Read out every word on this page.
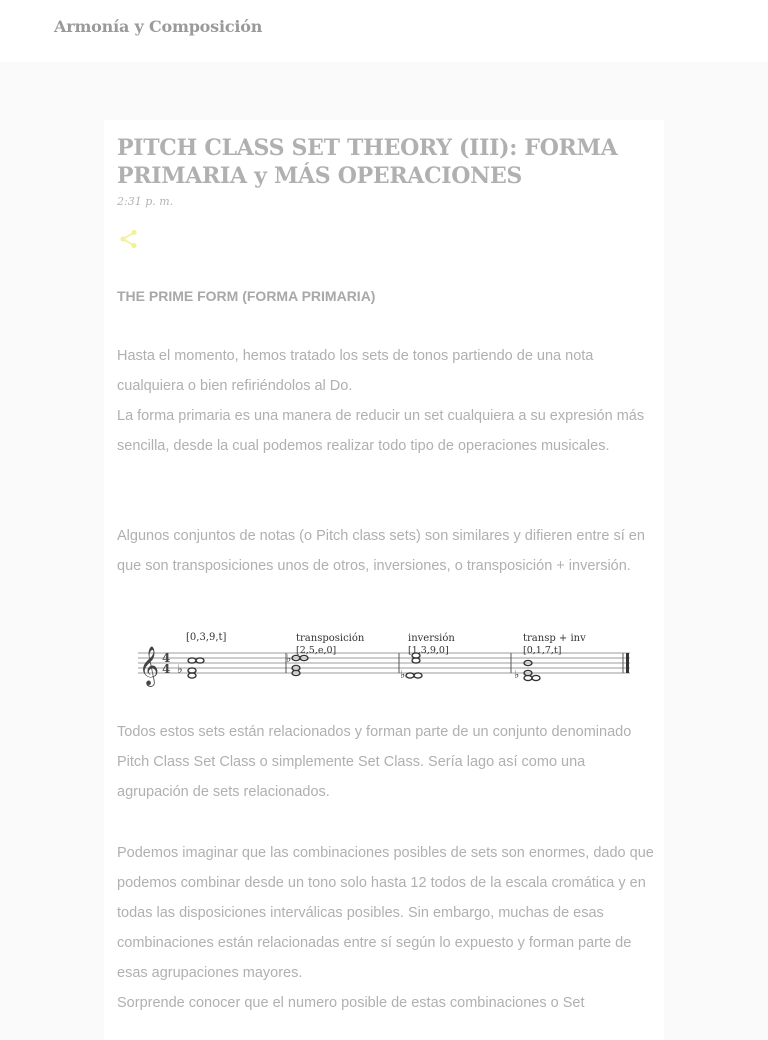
Armonía y Composición
PITCH CLASS SET THEORY (III): FORMA PRIMARIA y MÁS OPERACIONES
2:31 p. m.
THE PRIME FORM (FORMA PRIMARIA)

Hasta el momento, hemos tratado los sets de tonos partiendo de una nota cualquiera o bien refiriéndolos al Do.

La forma primaria es una manera de reducir un set cualquiera a su expresión más sencilla, desde la cual podemos realizar todo tipo de operaciones musicales.

Algunos conjuntos de notas (o Pitch class sets) son similares y difieren entre sí en que son transposiciones unos de otros, inversiones, o transposición + inversión.

𝄞 4
4
[0,3,9,t]	transposición
[2,5,e,0]
inversión
[1,3,9,0]
transp + inv
[0,1,7,t]
♭
♭
♭	♭

Todos estos sets están relacionados y forman parte de un conjunto denominado Pitch Class Set Class o simplemente Set Class. Sería lago así como una agrupación de sets relacionados.

Podemos imaginar que las combinaciones posibles de sets son enormes, dado que podemos combinar desde un tono solo hasta 12 todos de la escala cromática y en todas las disposiciones interválicas posibles. Sin embargo, muchas de esas combinaciones están relacionadas entre sí según lo expuesto y forman parte de esas agrupaciones mayores.

Sorprende conocer que el numero posible de estas combinaciones o Set
